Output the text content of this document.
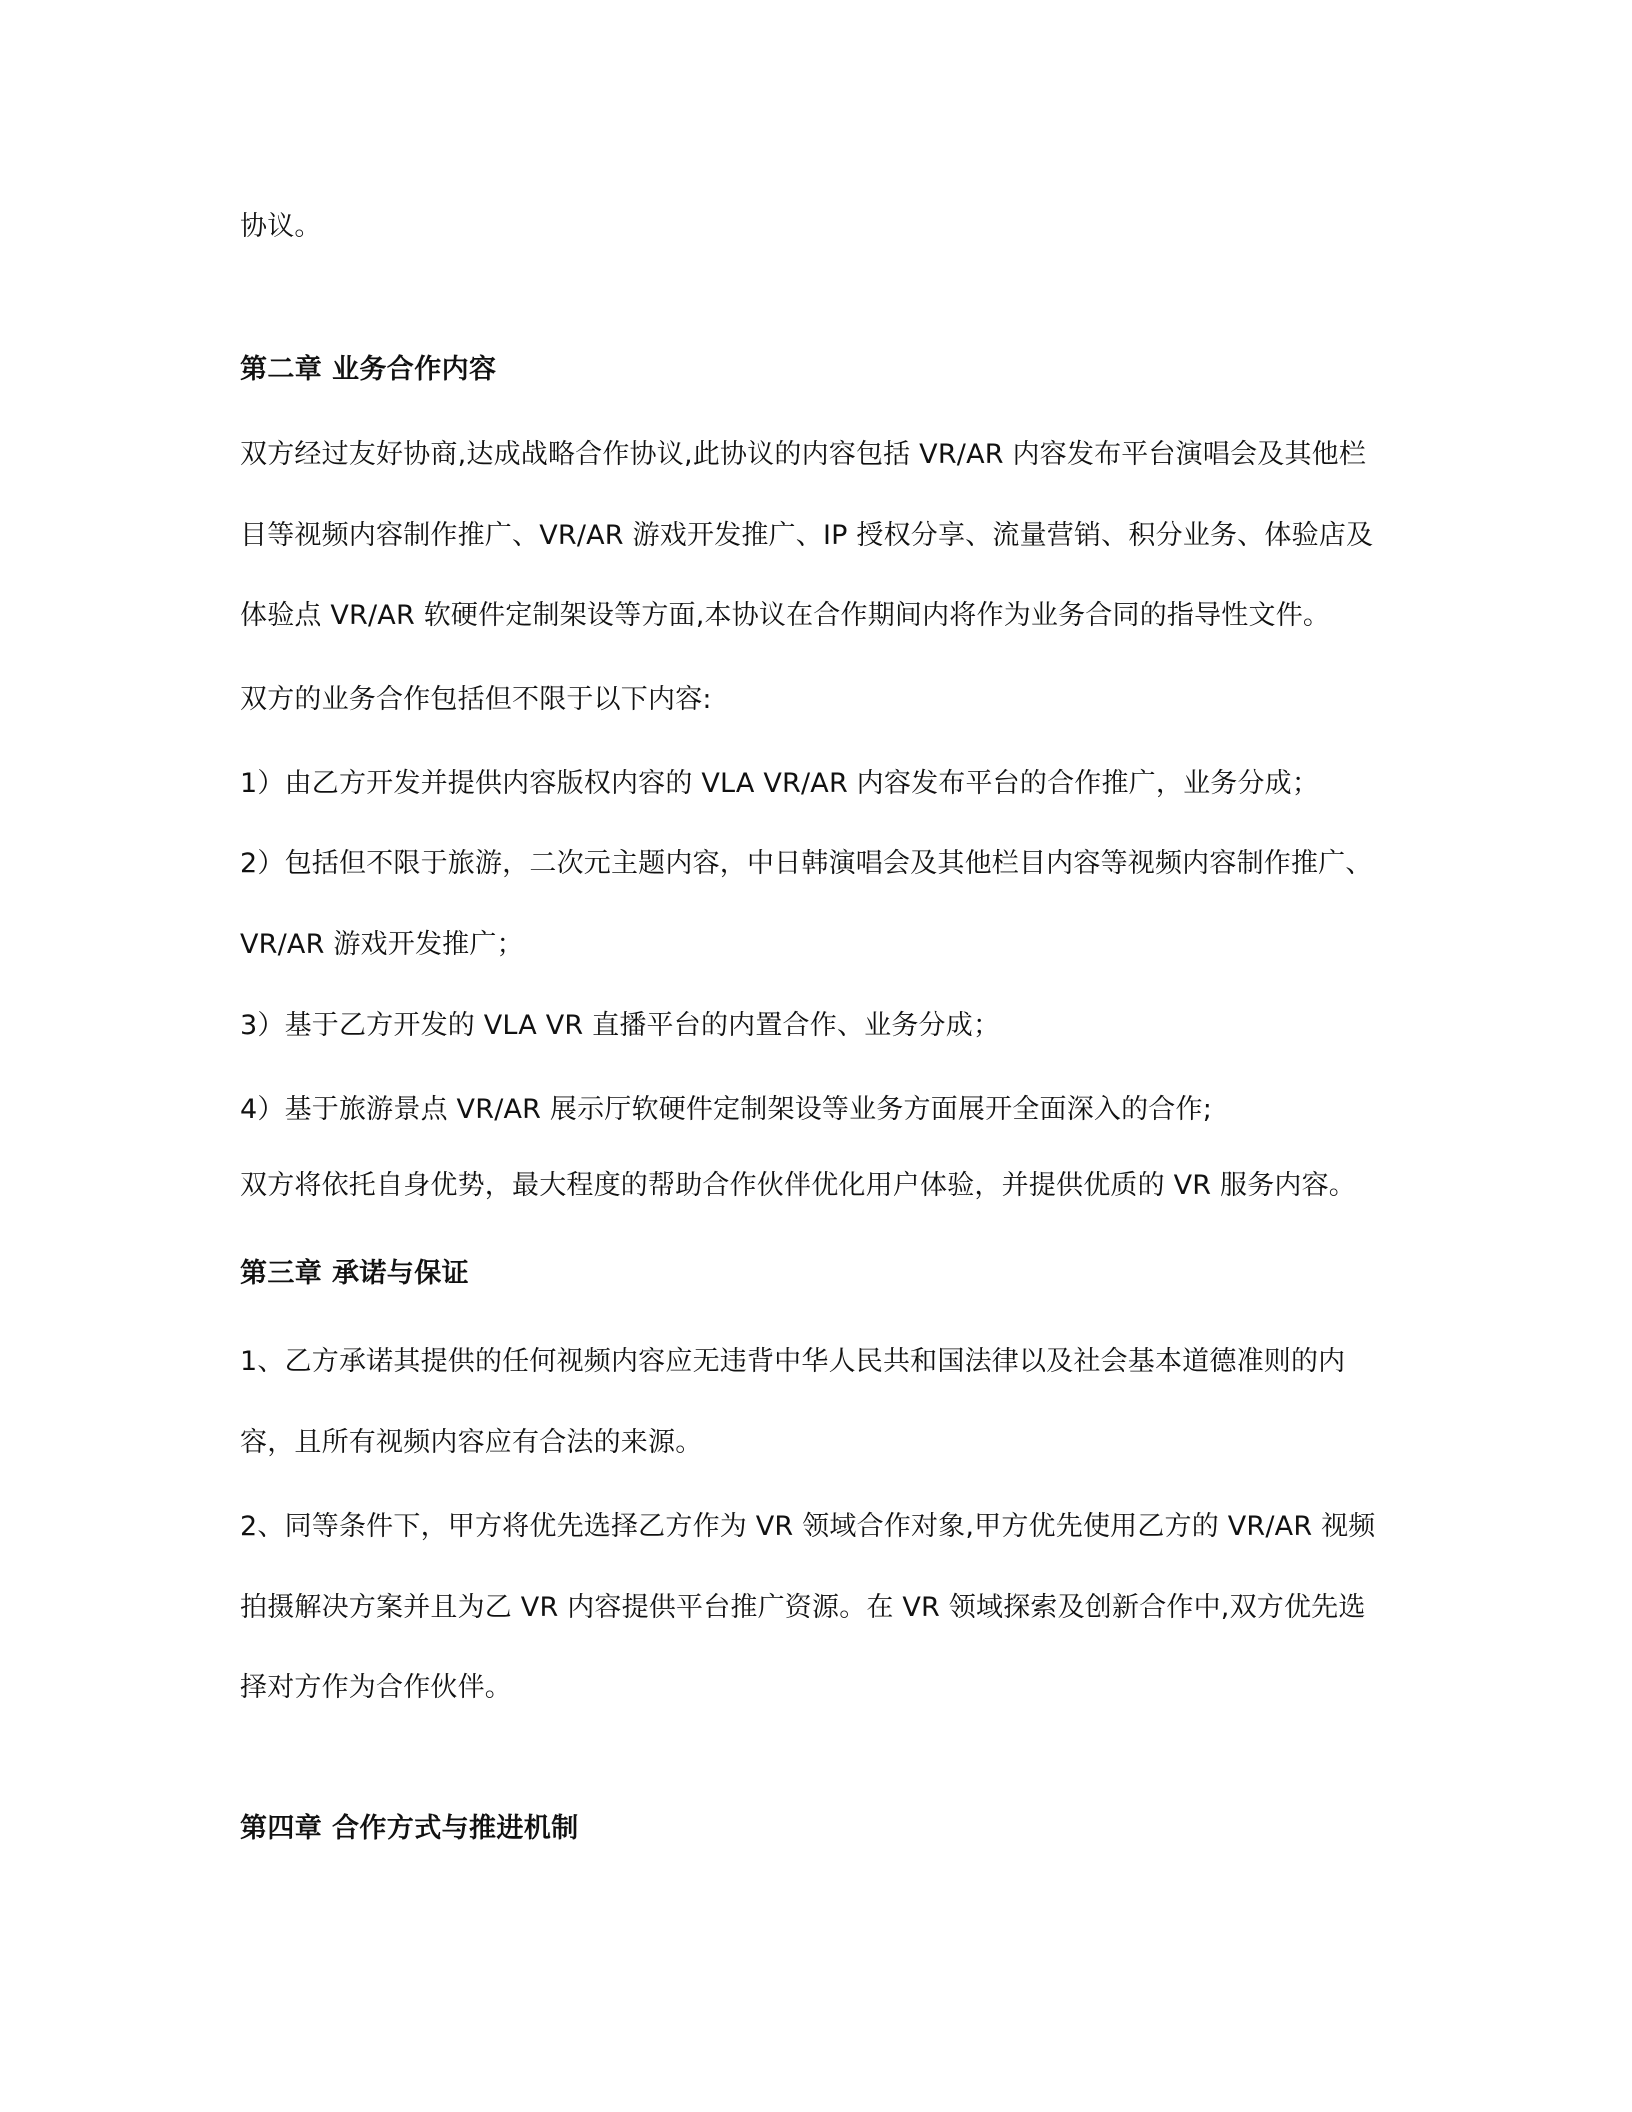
协议。
第二章 业务合作内容
双方经过友好协商,达成战略合作协议,此协议的内容包括 VR/AR 内容发布平台演唱会及其他栏
目等视频内容制作推广、VR/AR 游戏开发推广、IP 授权分享、流量营销、积分业务、体验店及
体验点 VR/AR 软硬件定制架设等方面,本协议在合作期间内将作为业务合同的指导性文件。
双方的业务合作包括但不限于以下内容:
1）由乙方开发并提供内容版权内容的 VLA VR/AR 内容发布平台的合作推广，业务分成；
2）包括但不限于旅游，二次元主题内容，中日韩演唱会及其他栏目内容等视频内容制作推广、
VR/AR 游戏开发推广；
3）基于乙方开发的 VLA VR 直播平台的内置合作、业务分成；
4）基于旅游景点 VR/AR 展示厅软硬件定制架设等业务方面展开全面深入的合作;
双方将依托自身优势，最大程度的帮助合作伙伴优化用户体验，并提供优质的 VR 服务内容。
第三章 承诺与保证
1、乙方承诺其提供的任何视频内容应无违背中华人民共和国法律以及社会基本道德准则的内
容，且所有视频内容应有合法的来源。
2、同等条件下，甲方将优先选择乙方作为 VR 领域合作对象,甲方优先使用乙方的 VR/AR 视频
拍摄解决方案并且为乙 VR 内容提供平台推广资源。在 VR 领域探索及创新合作中,双方优先选
择对方作为合作伙伴。
第四章 合作方式与推进机制
